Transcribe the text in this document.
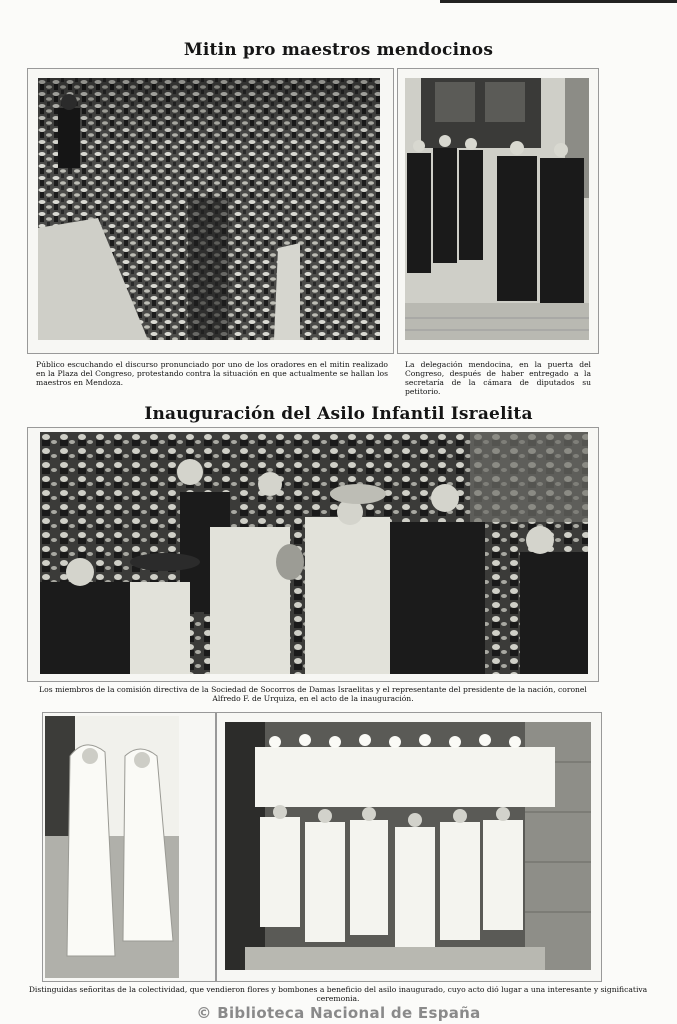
Mitin pro maestros mendocinos
Público escuchando el discurso pronunciado por uno de los oradores en el mitin realizado en la Plaza del Congreso, protestando contra la situación en que actualmente se hallan los maestros en Mendoza.
La delegación mendocina, en la puerta del Congreso, después de haber entregado a la secretaría de la cámara de diputados su petitorio.
Inauguración del Asilo Infantil Israelita
Los miembros de la comisión directiva de la Sociedad de Socorros de Damas Israelitas y el representante del presidente de la nación, coronel Alfredo F. de Urquiza, en el acto de la inauguración.
Distinguidas señoritas de la colectividad, que vendieron flores y bombones a beneficio del asilo inaugurado, cuyo acto dió lugar a una interesante y significativa ceremonia.
© Biblioteca Nacional de España
